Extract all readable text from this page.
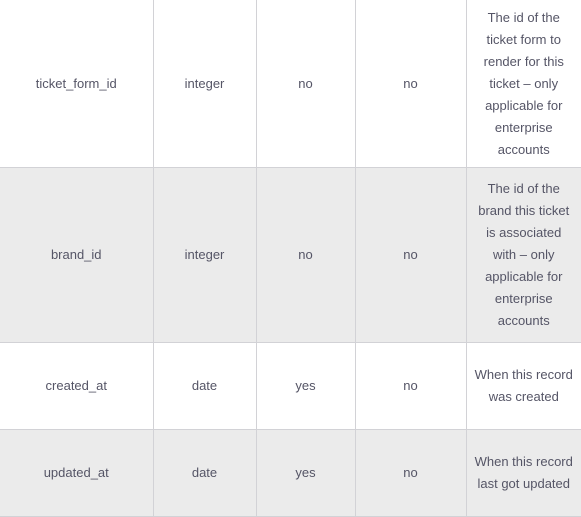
ticket_form_id	integer	no	no	The id of the ticket form to render for this ticket – only applicable for enterprise accounts
brand_id	integer	no	no	The id of the brand this ticket is associated with – only applicable for enterprise accounts
created_at	date	yes	no	When this record was created
updated_at	date	yes	no	When this record last got updated
